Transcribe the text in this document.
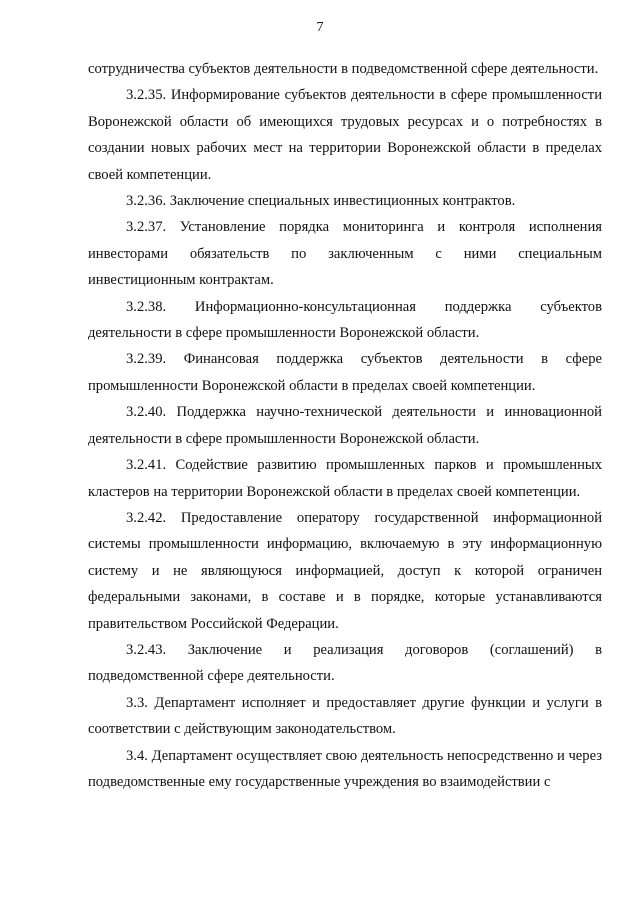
7

сотрудничества субъектов деятельности в подведомственной сфере деятельности.

3.2.35. Информирование субъектов деятельности в сфере промышленности Воронежской области об имеющихся трудовых ресурсах и о потребностях в создании новых рабочих мест на территории Воронежской области в пределах своей компетенции.

3.2.36. Заключение специальных инвестиционных контрактов.

3.2.37. Установление порядка мониторинга и контроля исполнения инвесторами обязательств по заключенным с ними специальным инвестиционным контрактам.

3.2.38. Информационно-консультационная поддержка субъектов деятельности в сфере промышленности Воронежской области.

3.2.39. Финансовая поддержка субъектов деятельности в сфере промышленности Воронежской области в пределах своей компетенции.

3.2.40. Поддержка научно-технической деятельности и инновационной деятельности в сфере промышленности Воронежской области.

3.2.41. Содействие развитию промышленных парков и промышленных кластеров на территории Воронежской области в пределах своей компетенции.

3.2.42. Предоставление оператору государственной информационной системы промышленности информацию, включаемую в эту информационную систему и не являющуюся информацией, доступ к которой ограничен федеральными законами, в составе и в порядке, которые устанавливаются правительством Российской Федерации.

3.2.43. Заключение и реализация договоров (соглашений) в подведомственной сфере деятельности.

3.3. Департамент исполняет и предоставляет другие функции и услуги в соответствии с действующим законодательством.

3.4. Департамент осуществляет свою деятельность непосредственно и через подведомственные ему государственные учреждения во взаимодействии с
